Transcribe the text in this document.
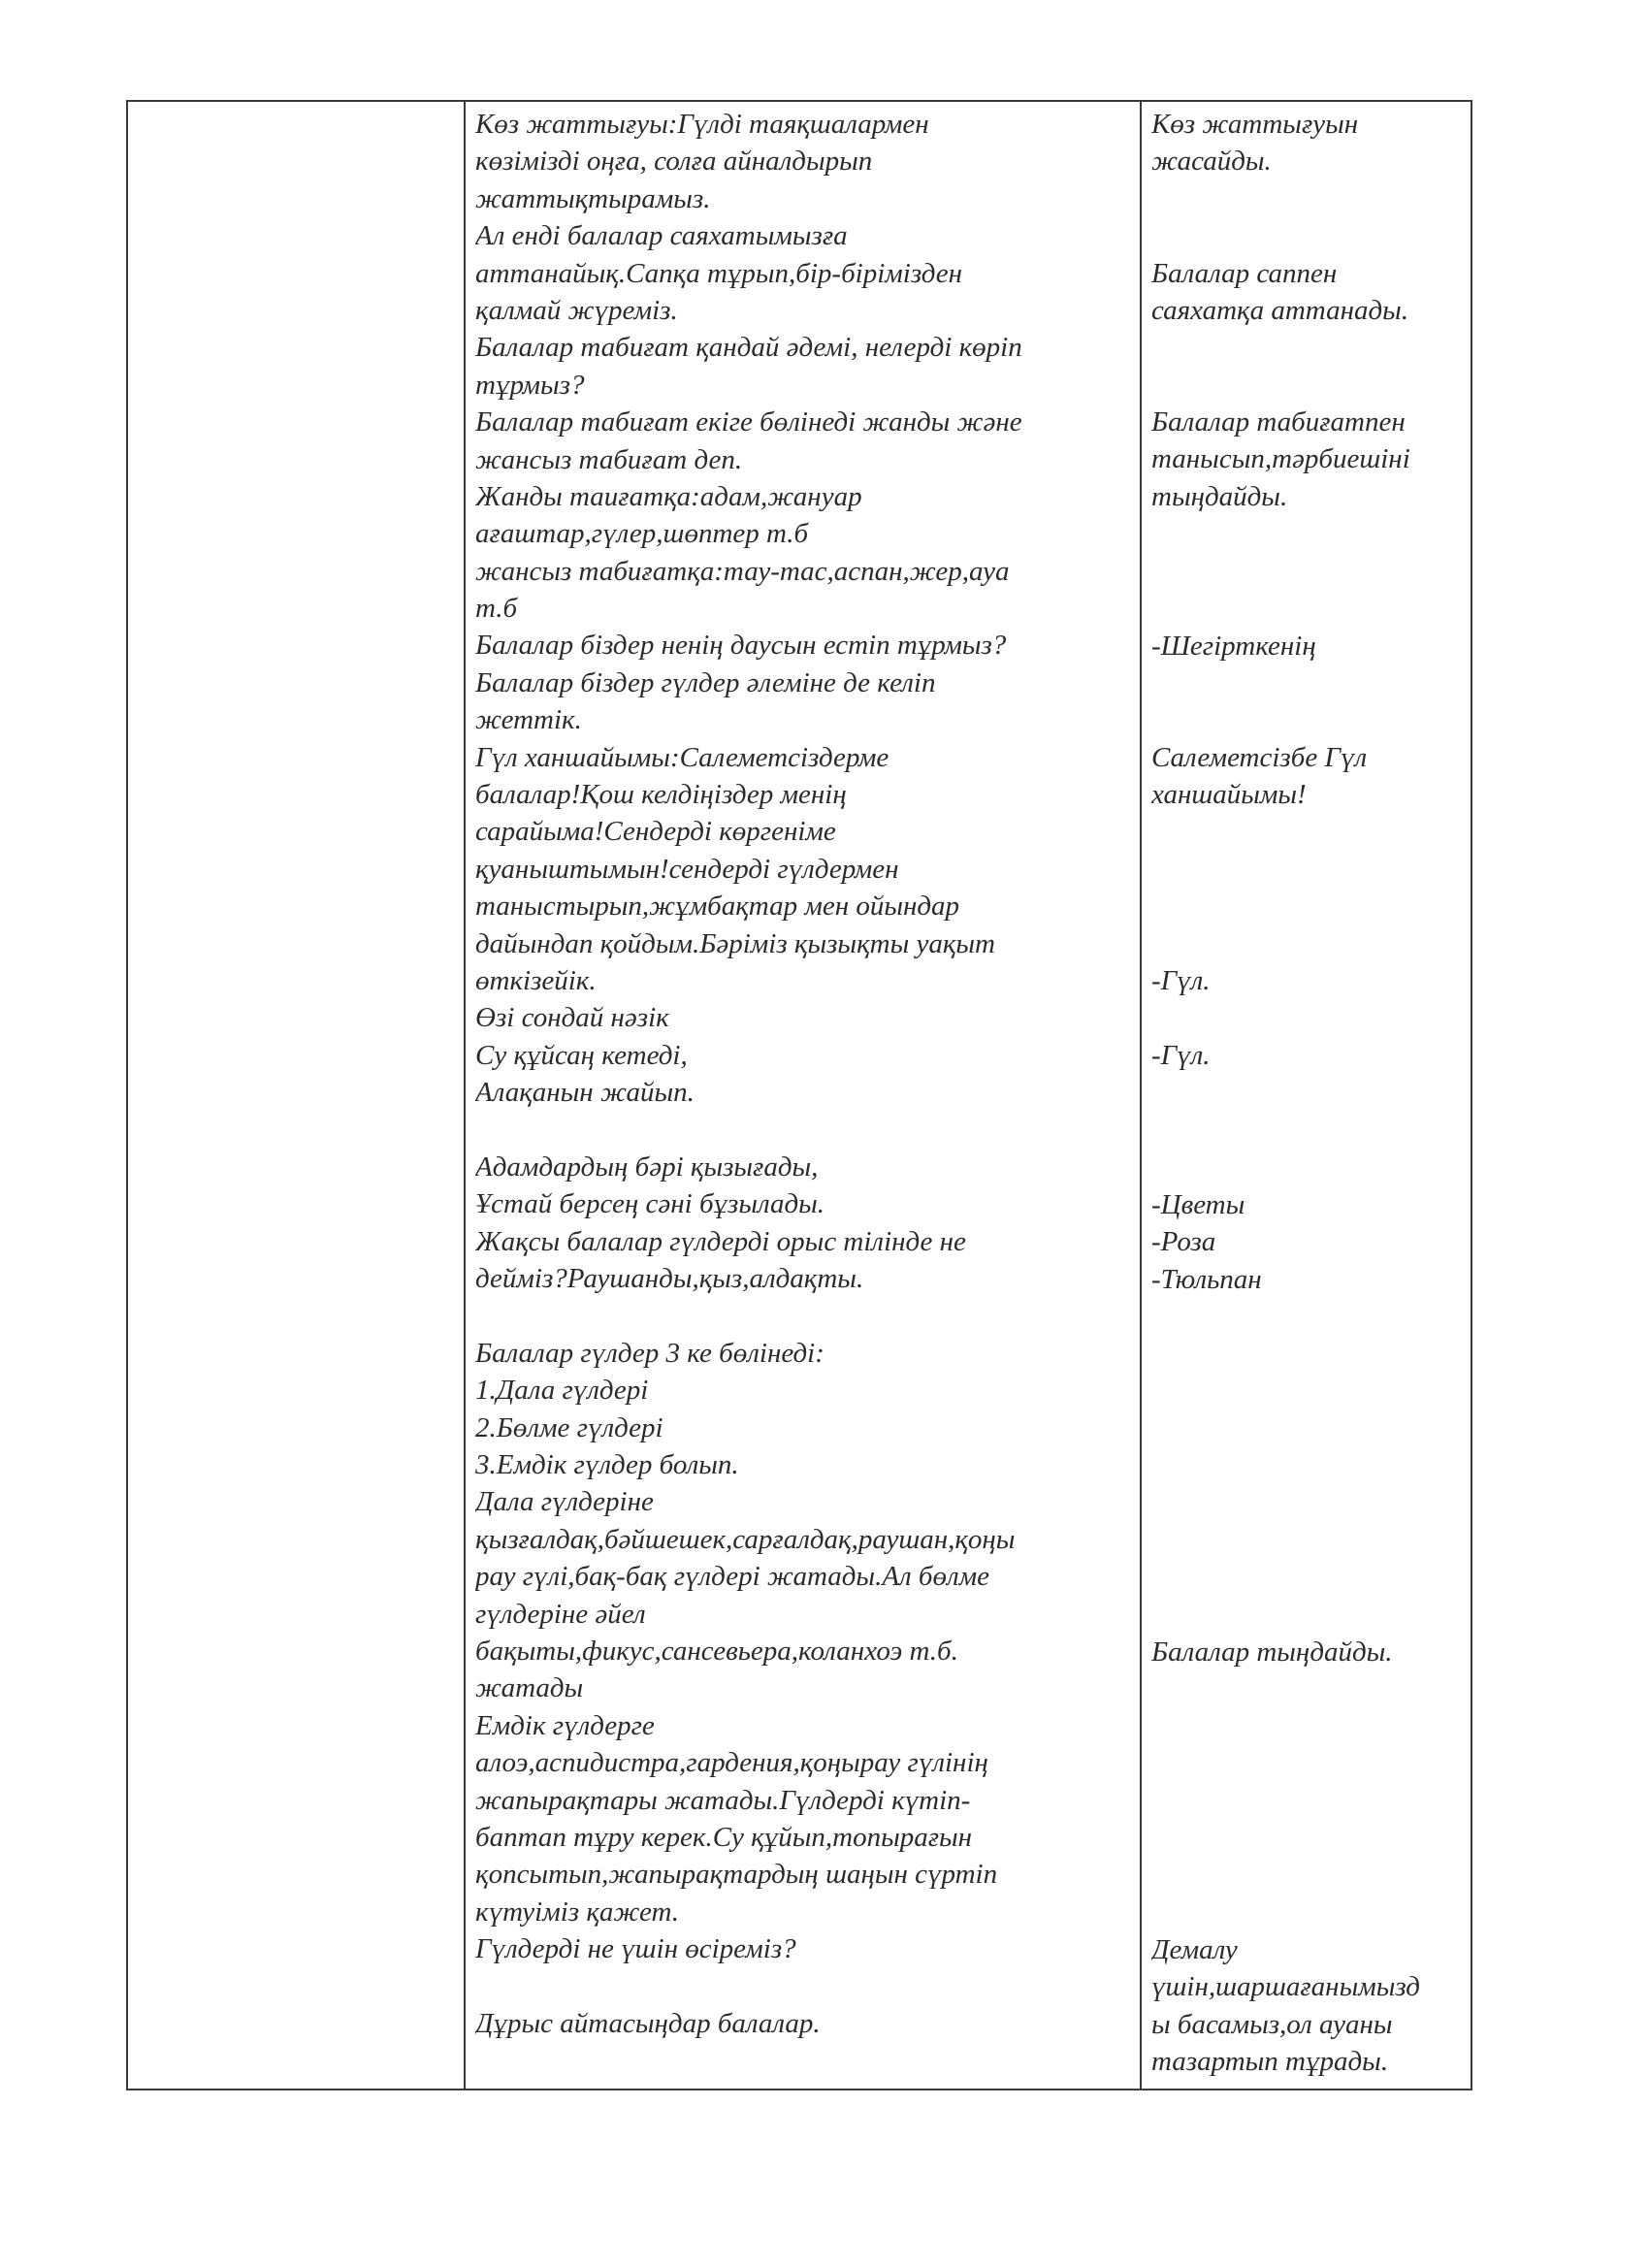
Көз жаттығуы:Гүлді таяқшалармен
көзімізді оңға, солға айналдырып
жаттықтырамыз.
Ал енді балалар саяхатымызға
аттанайық.Сапқа тұрып,бір-бірімізден
қалмай жүреміз.
Балалар табиғат қандай әдемі, нелерді көріп
тұрмыз?
Балалар табиғат екіге бөлінеді жанды және
жансыз табиғат деп.
Жанды таиғатқа:адам,жануар
ағаштар,гүлер,шөптер т.б
жансыз табиғатқа:тау-тас,аспан,жер,ауа
т.б
Балалар біздер ненің даусын естіп тұрмыз?
Балалар біздер гүлдер әлеміне де келіп
жеттік.
Гүл ханшайымы:Салеметсіздерме
балалар!Қош келдіңіздер менің
сарайыма!Сендерді көргеніме
қуаныштымын!сендерді гүлдермен
таныстырып,жұмбақтар мен ойындар
дайындап қойдым.Бәріміз қызықты уақыт
өткізейік.
Өзі сондай нәзік
Су құйсаң кетеді,
Алақанын жайып.
Адамдардың бәрі қызығады,
Ұстай берсең сәні бұзылады.
Жақсы балалар гүлдерді орыс тілінде не
дейміз?Раушанды,қыз,алдақты.
Балалар гүлдер 3 ке бөлінеді:
1.Дала гүлдері
2.Бөлме гүлдері
3.Емдік гүлдер болып.
Дала гүлдеріне
қызғалдақ,бәйшешек,сарғалдақ,раушан,қоңы
рау гүлі,бақ-бақ гүлдері жатады.Ал бөлме
гүлдеріне әйел
бақыты,фикус,сансевьера,коланхоэ т.б.
жатады
Емдік гүлдерге
алоэ,аспидистра,гардения,қоңырау гүлінің
жапырақтары жатады.Гүлдерді күтіп-
баптап тұру керек.Су құйып,топырағын
қопсытып,жапырақтардың шаңын сүртіп
күтуіміз қажет.
Гүлдерді не үшін өсіреміз?
Дұрыс айтасыңдар балалар.
Көз жаттығуын
жасайды.
Балалар саппен
саяхатқа аттанады.
Балалар табиғатпен
танысып,тәрбиешіні
тыңдайды.
-Шегірткенің
Салеметсізбе Гүл
ханшайымы!
-Гүл.
-Гүл.
-Цветы
-Роза
-Тюльпан
Балалар тыңдайды.
Демалу
үшін,шаршағанымызд
ы басамыз,ол ауаны
тазартып тұрады.
